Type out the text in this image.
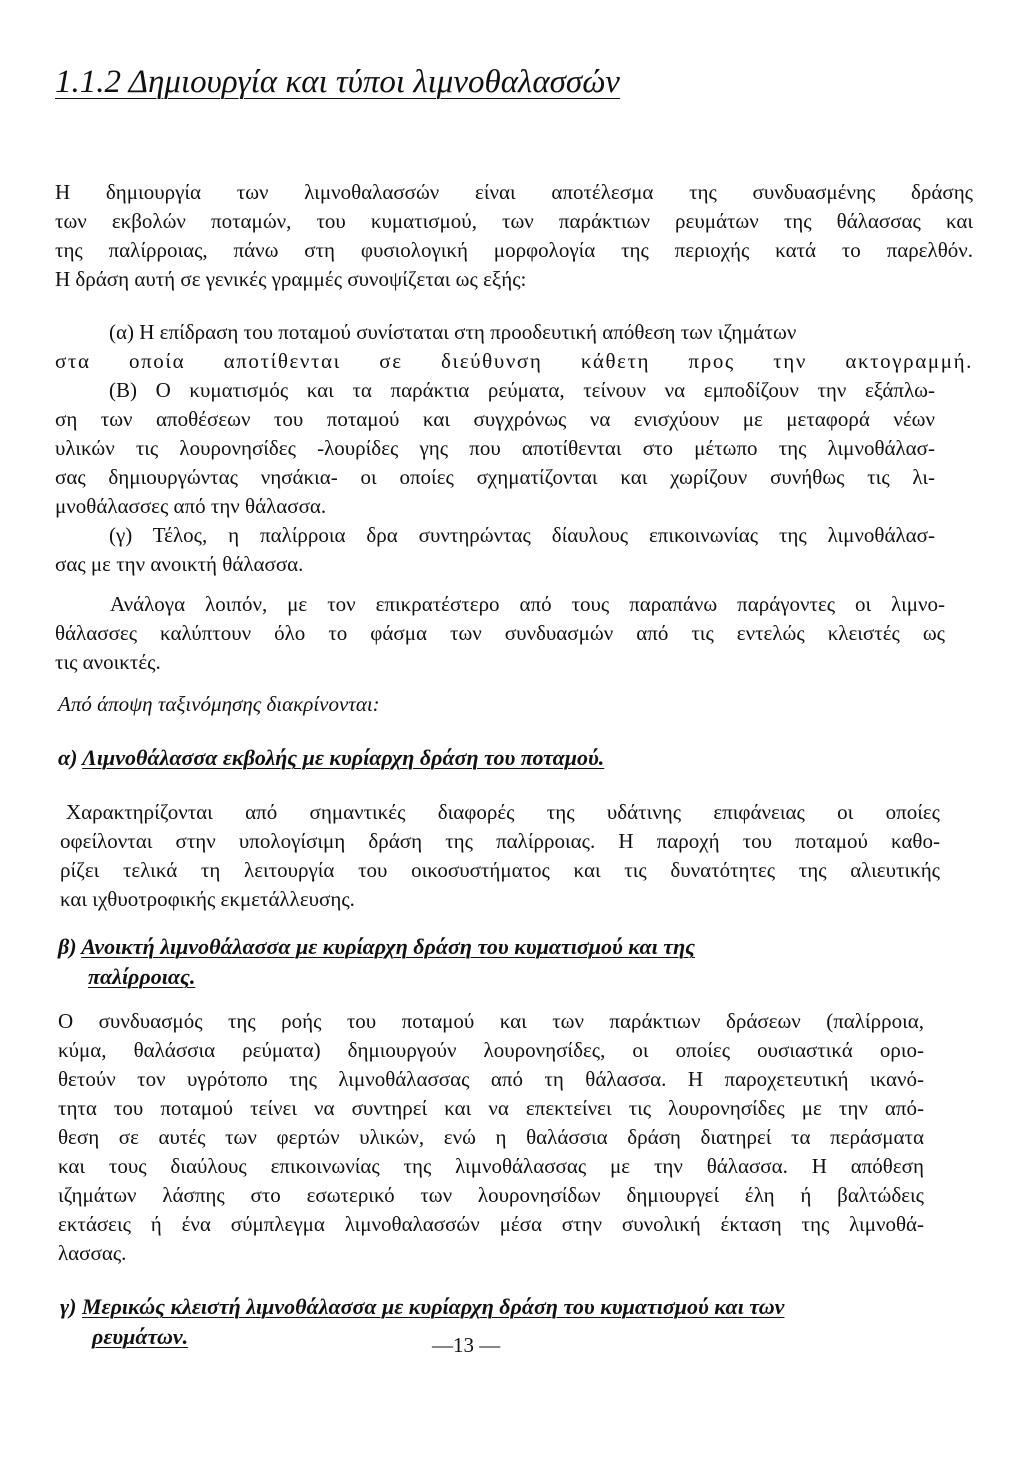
1.1.2 Δημιουργία και τύποι λιμνοθαλασσών

Η δημιουργία των λιμνοθαλασσών είναι αποτέλεσμα της συνδυασμένης δράσης
των εκβολών ποταμών, του κυματισμού, των παράκτιων ρευμάτων της θάλασσας και
της παλίρροιας, πάνω στη φυσιολογική μορφολογία της περιοχής κατά το παρελθόν.
Η δράση αυτή σε γενικές γραμμές συνοψίζεται ως εξής:

(α) Η επίδραση του ποταμού συνίσταται στη προοδευτική απόθεση των ιζημάτων
στα οποία αποτίθενται σε διεύθυνση κάθετη προς την ακτογραμμή.

(Β) Ο κυματισμός και τα παράκτια ρεύματα, τείνουν να εμποδίζουν την εξάπλω-
ση των αποθέσεων του ποταμού και συγχρόνως να ενισχύουν με μεταφορά νέων
υλικών τις λουρονησίδες -λουρίδες γης που αποτίθενται στο μέτωπο της λιμνοθάλασ-
σας δημιουργώντας νησάκια- οι οποίες σχηματίζονται και χωρίζουν συνήθως τις λι-
μνοθάλασσες από την θάλασσα.

(γ) Τέλος, η παλίρροια δρα συντηρώντας δίαυλους επικοινωνίας της λιμνοθάλασ-
σας με την ανοικτή θάλασσα.

Ανάλογα λοιπόν, με τον επικρατέστερο από τους παραπάνω παράγοντες οι λιμνο-
θάλασσες καλύπτουν όλο το φάσμα των συνδυασμών από τις εντελώς κλειστές ως
τις ανοικτές.

Από άποψη ταξινόμησης διακρίνονται:

α) Λιμνοθάλασσα εκβολής με κυρίαρχη δράση του ποταμού.

Χαρακτηρίζονται από σημαντικές διαφορές της υδάτινης επιφάνειας οι οποίες
οφείλονται στην υπολογίσιμη δράση της παλίρροιας. Η παροχή του ποταμού καθο-
ρίζει τελικά τη λειτουργία του οικοσυστήματος και τις δυνατότητες της αλιευτικής
και ιχθυοτροφικής εκμετάλλευσης.

β) Ανοικτή λιμνοθάλασσα με κυρίαρχη δράση του κυματισμού και της
παλίρροιας.

Ο συνδυασμός της ροής του ποταμού και των παράκτιων δράσεων (παλίρροια,
κύμα, θαλάσσια ρεύματα) δημιουργούν λουρονησίδες, οι οποίες ουσιαστικά οριο-
θετούν τον υγρότοπο της λιμνοθάλασσας από τη θάλασσα. Η παροχετευτική ικανό-
τητα του ποταμού τείνει να συντηρεί και να επεκτείνει τις λουρονησίδες με την από-
θεση σε αυτές των φερτών υλικών, ενώ η θαλάσσια δράση διατηρεί τα περάσματα
και τους διαύλους επικοινωνίας της λιμνοθάλασσας με την θάλασσα. Η απόθεση
ιζημάτων λάσπης στο εσωτερικό των λουρονησίδων δημιουργεί έλη ή βαλτώδεις
εκτάσεις ή ένα σύμπλεγμα λιμνοθαλασσών μέσα στην συνολική έκταση της λιμνοθά-
λασσας.

γ) Μερικώς κλειστή λιμνοθάλασσα με κυρίαρχη δράση του κυματισμού και των
ρευμάτων.	—13 —
